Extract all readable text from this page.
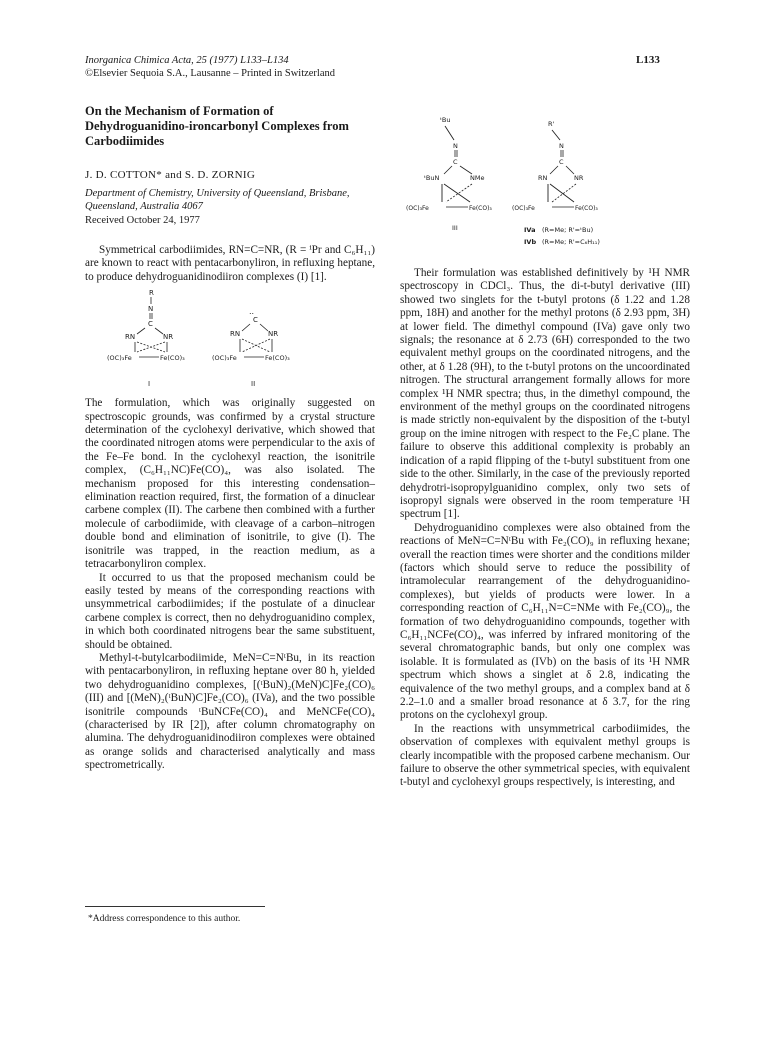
Inorganica Chimica Acta, 25 (1977) L133–L134
©Elsevier Sequoia S.A., Lausanne – Printed in Switzerland
L133
On the Mechanism of Formation of Dehydroguanidino-ironcarbonyl Complexes from Carbodiimides
J. D. COTTON* and S. D. ZORNIG
Department of Chemistry, University of Queensland, Brisbane, Queensland, Australia 4067
Received October 24, 1977

Symmetrical carbodiimides, RN=C=NR, (R = ⁱPr and C₆H₁₁) are known to react with pentacarbonyliron, in refluxing heptane, to produce dehydroguanidinodiiron complexes (I) [1].

R
N
C
RN	NR
(OC)₃Fe	Fe(CO)₃
I
C
..
RN	NR
(OC)₃Fe	Fe(CO)₃
II

The formulation, which was originally suggested on spectroscopic grounds, was confirmed by a crystal structure determination of the cyclohexyl derivative, which showed that the coordinated nitrogen atoms were perpendicular to the axis of the Fe–Fe bond. In the cyclohexyl reaction, the isonitrile complex, (C₆H₁₁NC)Fe(CO)₄, was also isolated. The mechanism proposed for this interesting condensation–elimination reaction required, first, the formation of a dinuclear carbene complex (II). The carbene then combined with a further molecule of carbodiimide, with cleavage of a carbon–nitrogen double bond and elimination of isonitrile, to give (I). The isonitrile was trapped, in the reaction medium, as a tetracarbonyliron complex.

It occurred to us that the proposed mechanism could be easily tested by means of the corresponding reactions with unsymmetrical carbodiimides; if the postulate of a dinuclear carbene complex is correct, then no dehydroguanidino complex, in which both coordinated nitrogens bear the same substituent, should be obtained.

Methyl-t-butylcarbodiimide, MeN=C=NᵗBu, in its reaction with pentacarbonyliron, in refluxing heptane over 80 h, yielded two dehydroguanidino complexes, [(ᵗBuN)₂(MeN)C]Fe₂(CO)₆ (III) and [(MeN)₂(ᵗBuN)C]Fe₂(CO)₆ (IVa), and the two possible isonitrile compounds ᵗBuNCFe(CO)₄ and MeNCFe(CO)₄ (characterised by IR [2]), after column chromatography on alumina. The dehydroguanidinodiiron complexes were obtained as orange solids and characterised analytically and mass spectrometrically.

ᵗBu
N
C
ᵗBuN	NMe
(OC)₃Fe	Fe(CO)₃
III
R'
N
C
RN	NR
(OC)₃Fe	Fe(CO)₃
IVa (R=Me; R'=ᵗBu)
IVb (R=Me; R'=C₆H₁₁)

Their formulation was established definitively by ¹H NMR spectroscopy in CDCl₃. Thus, the di-t-butyl derivative (III) showed two singlets for the t-butyl protons (δ 1.22 and 1.28 ppm, 18H) and another for the methyl protons (δ 2.93 ppm, 3H) at lower field. The dimethyl compound (IVa) gave only two signals; the resonance at δ 2.73 (6H) corresponded to the two equivalent methyl groups on the coordinated nitrogens, and the other, at δ 1.28 (9H), to the t-butyl protons on the uncoordinated nitrogen. The structural arrangement formally allows for more complex ¹H NMR spectra; thus, in the dimethyl compound, the environment of the methyl groups on the coordinated nitrogens is made strictly non-equivalent by the disposition of the t-butyl group on the imine nitrogen with respect to the Fe₂C plane. The failure to observe this additional complexity is probably an indication of a rapid flipping of the t-butyl substituent from one side to the other. Similarly, in the case of the previously reported dehydrotri-isopropylguanidino complex, only two sets of isopropyl signals were observed in the room temperature ¹H spectrum [1].

Dehydroguanidino complexes were also obtained from the reactions of MeN=C=NᵗBu with Fe₂(CO)₉ in refluxing hexane; overall the reaction times were shorter and the conditions milder (factors which should serve to reduce the possibility of intramolecular rearrangement of the dehydroguanidino-complexes), but yields of products were lower. In a corresponding reaction of C₆H₁₁N=C=NMe with Fe₂(CO)₉, the formation of two dehydroguanidino compounds, together with C₆H₁₁NCFe(CO)₄, was inferred by infrared monitoring of the several chromatographic bands, but only one complex was isolable. It is formulated as (IVb) on the basis of its ¹H NMR spectrum which shows a singlet at δ 2.8, indicating the equivalence of the two methyl groups, and a complex band at δ 2.2–1.0 and a smaller broad resonance at δ 3.7, for the ring protons on the cyclohexyl group.

In the reactions with unsymmetrical carbodiimides, the observation of complexes with equivalent methyl groups is clearly incompatible with the proposed carbene mechanism. Our failure to observe the other symmetrical species, with equivalent t-butyl and cyclohexyl groups respectively, is interesting, and

*Address correspondence to this author.
